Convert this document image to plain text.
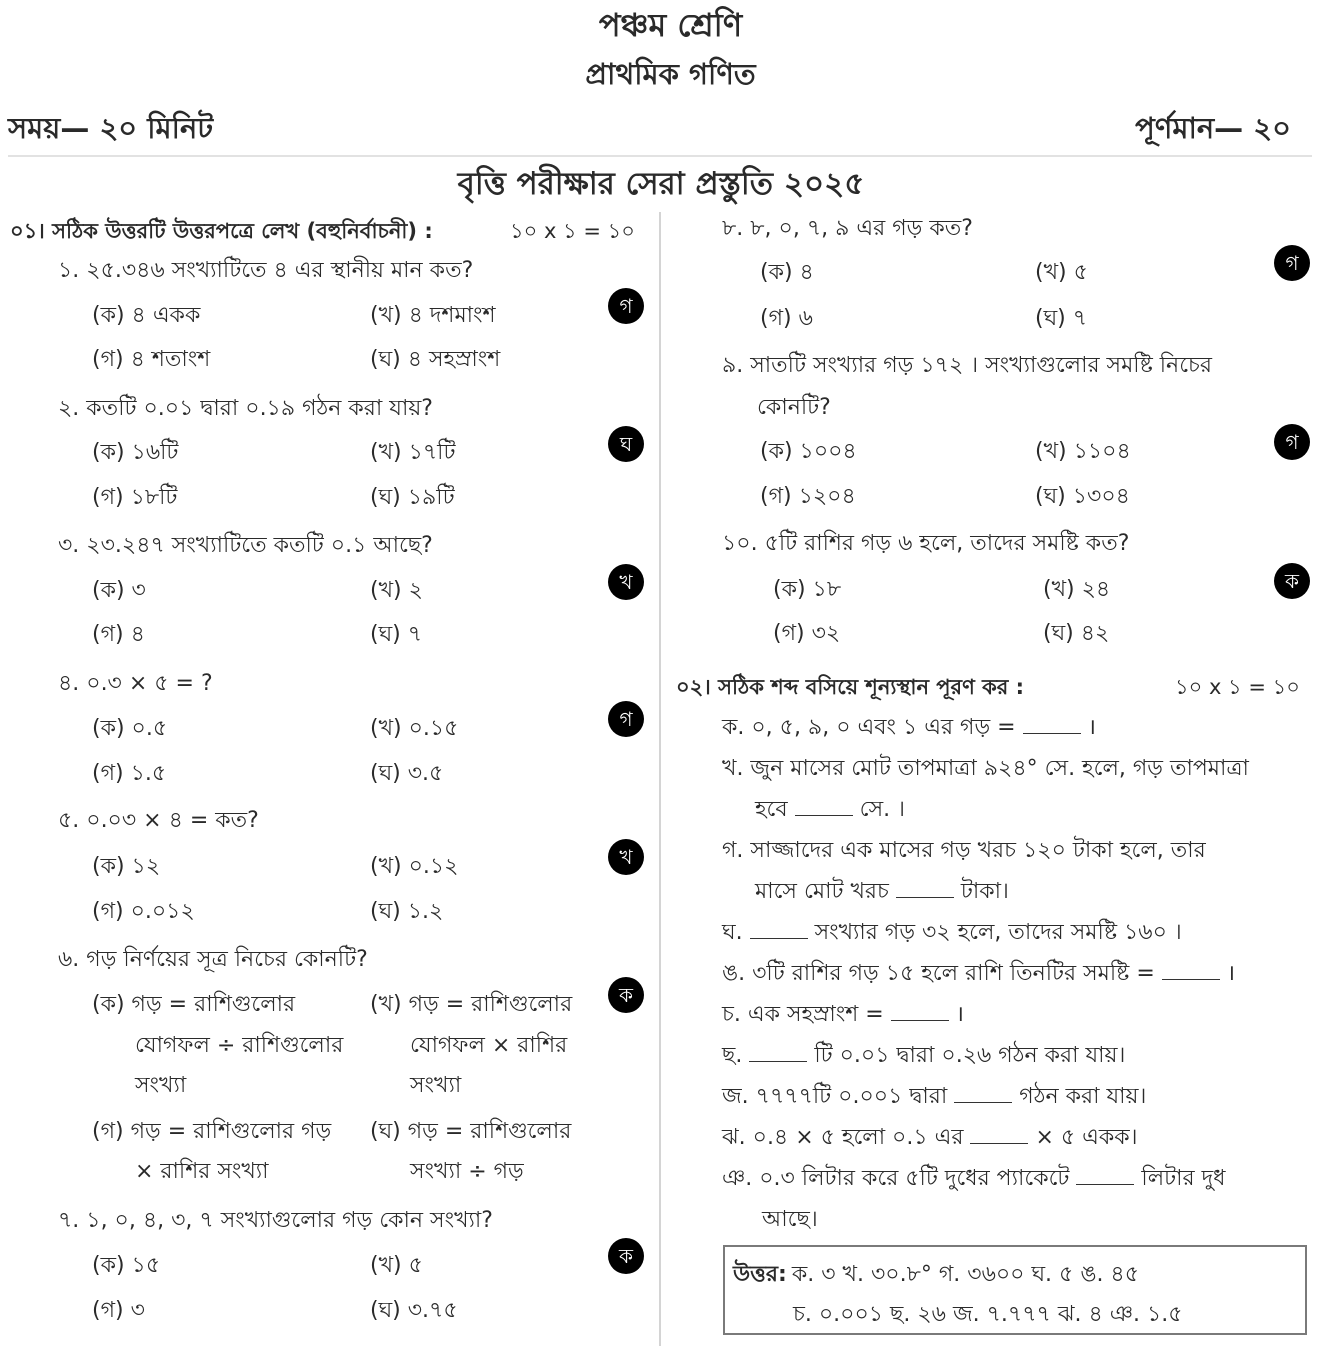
পঞ্চম শ্রেণি
প্রাথমিক গণিত
সময়— ২০ মিনিট	পূর্ণমান— ২০
বৃত্তি পরীক্ষার সেরা প্রস্তুতি ২০২৫
০১। সঠিক উত্তরটি উত্তরপত্রে লেখ (বহুনির্বাচনী) :	১০ x ১ = ১০
১. ২৫.৩৪৬ সংখ্যাটিতে ৪ এর স্থানীয় মান কত?
(ক) ৪ একক	(খ) ৪ দশমাংশ
(গ) ৪ শতাংশ	(ঘ) ৪ সহস্রাংশ
গ
২. কতটি ০.০১ দ্বারা ০.১৯ গঠন করা যায়?
(ক) ১৬টি	(খ) ১৭টি
(গ) ১৮টি	(ঘ) ১৯টি
ঘ
৩. ২৩.২৪৭ সংখ্যাটিতে কতটি ০.১ আছে?
(ক) ৩	(খ) ২
(গ) ৪	(ঘ) ৭
খ
৪. ০.৩ × ৫ = ?
(ক) ০.৫	(খ) ০.১৫
(গ) ১.৫	(ঘ) ৩.৫
গ
৫. ০.০৩ × ৪ = কত?
(ক) ১২	(খ) ০.১২
(গ) ০.০১২	(ঘ) ১.২
খ
৬. গড় নির্ণয়ের সূত্র নিচের কোনটি?
(ক) গড় = রাশিগুলোর
যোগফল ÷ রাশিগুলোর
সংখ্যা
(খ) গড় = রাশিগুলোর
যোগফল × রাশির
সংখ্যা
(গ) গড় = রাশিগুলোর গড়
× রাশির সংখ্যা
(ঘ) গড় = রাশিগুলোর
সংখ্যা ÷ গড়
ক
৭. ১, ০, ৪, ৩, ৭ সংখ্যাগুলোর গড় কোন সংখ্যা?
(ক) ১৫	(খ) ৫
(গ) ৩	(ঘ) ৩.৭৫
ক
৮. ৮, ০, ৭, ৯ এর গড় কত?
(ক) ৪	(খ) ৫
(গ) ৬	(ঘ) ৭
গ
৯. সাতটি সংখ্যার গড় ১৭২ । সংখ্যাগুলোর সমষ্টি নিচের
কোনটি?
(ক) ১০০৪	(খ) ১১০৪
(গ) ১২০৪	(ঘ) ১৩০৪
গ
১০. ৫টি রাশির গড় ৬ হলে, তাদের সমষ্টি কত?
(ক) ১৮	(খ) ২৪
(গ) ৩২	(ঘ) ৪২
ক
০২। সঠিক শব্দ বসিয়ে শূন্যস্থান পূরণ কর :	১০ x ১ = ১০
ক. ০, ৫, ৯, ০ এবং ১ এর গড় =	।
খ. জুন মাসের মোট তাপমাত্রা ৯২৪° সে. হলে, গড় তাপমাত্রা
হবে	সে. ।
গ. সাজ্জাদের এক মাসের গড় খরচ ১২০ টাকা হলে, তার
মাসে মোট খরচ	টাকা।
ঘ.	সংখ্যার গড় ৩২ হলে, তাদের সমষ্টি ১৬০ ।
ঙ. ৩টি রাশির গড় ১৫ হলে রাশি তিনটির সমষ্টি =	।
চ. এক সহস্রাংশ =	।
ছ.	টি ০.০১ দ্বারা ০.২৬ গঠন করা যায়।
জ. ৭৭৭৭টি ০.০০১ দ্বারা	গঠন করা যায়।
ঝ. ০.৪ × ৫ হলো ০.১ এর	× ৫ একক।
ঞ. ০.৩ লিটার করে ৫টি দুধের প্যাকেটে	লিটার দুধ
আছে।
উত্তর: ক. ৩ খ. ৩০.৮° গ. ৩৬০০ ঘ. ৫ ঙ. ৪৫
চ. ০.০০১ ছ. ২৬ জ. ৭.৭৭৭ ঝ. ৪ ঞ. ১.৫
